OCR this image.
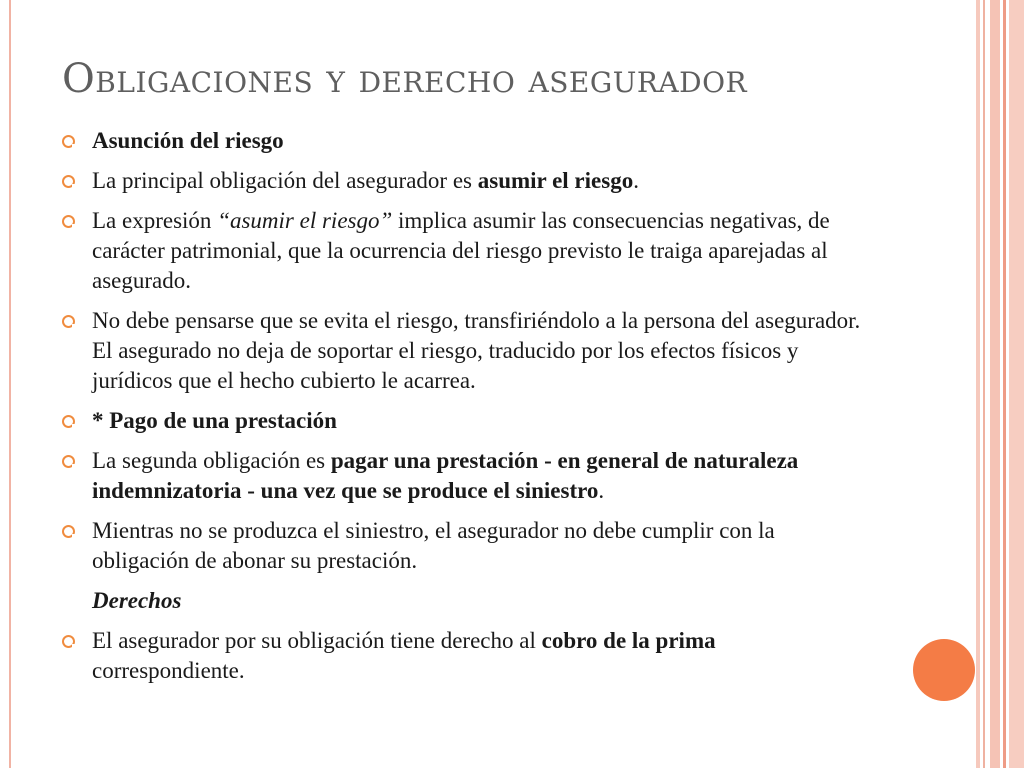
Obligaciones y derecho asegurador
Asunción del riesgo
La principal obligación del asegurador es asumir el riesgo.
La expresión “asumir el riesgo” implica asumir las consecuencias negativas, de carácter patrimonial, que la ocurrencia del riesgo previsto le traiga aparejadas al asegurado.
No debe pensarse que se evita el riesgo, transfiriéndolo a la persona del asegurador. El asegurado no deja de soportar el riesgo, traducido por los efectos físicos y jurídicos que el hecho cubierto le acarrea.
* Pago de una prestación
La segunda obligación es pagar una prestación - en general de naturaleza indemnizatoria - una vez que se produce el siniestro.
Mientras no se produzca el siniestro, el asegurador no debe cumplir con la obligación de abonar su prestación.
Derechos
El asegurador por su obligación tiene derecho al cobro de la prima correspondiente.
